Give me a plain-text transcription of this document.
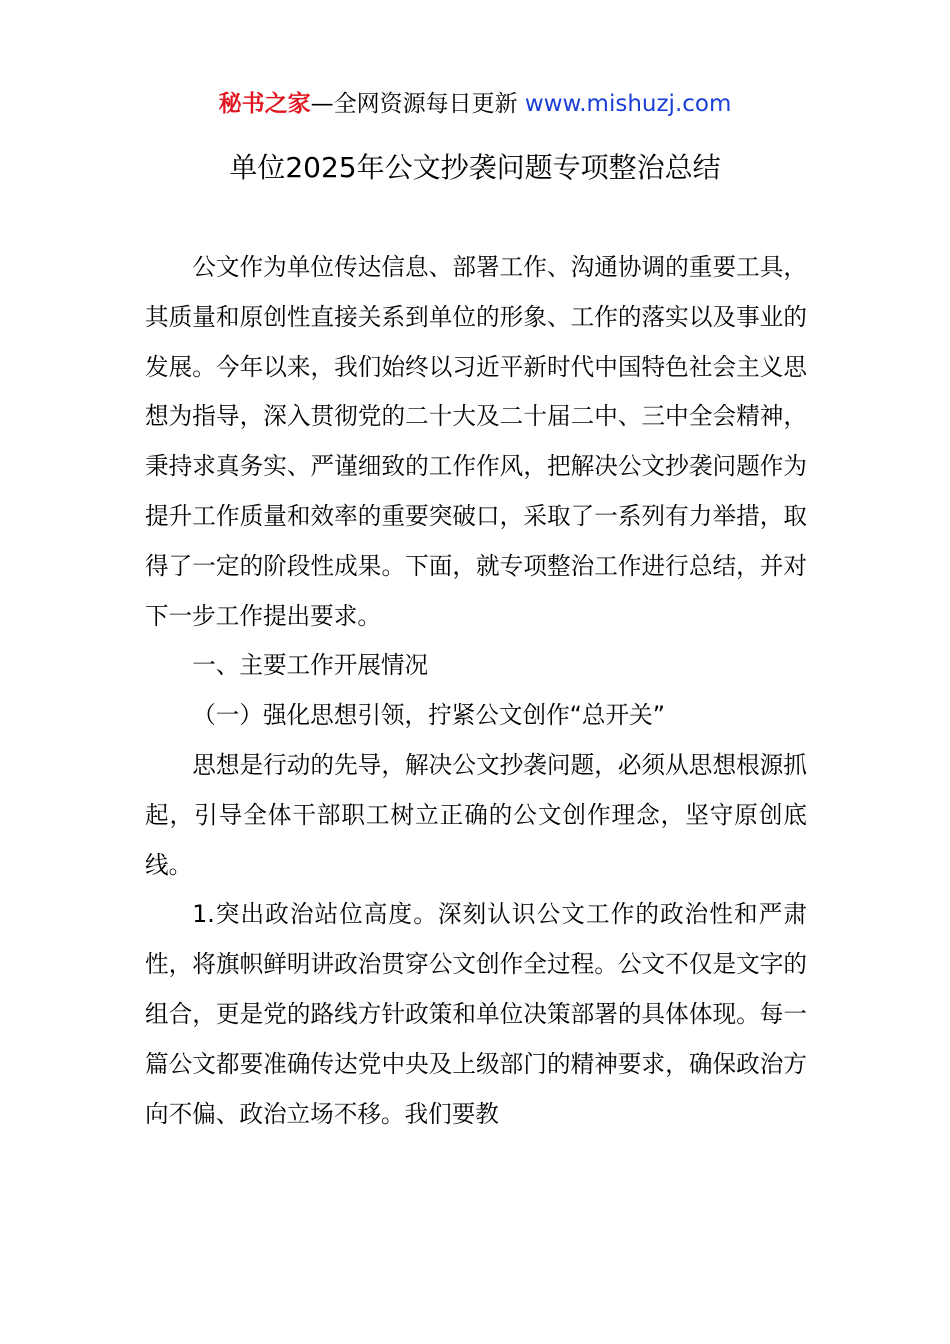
秘书之家—全网资源每日更新 www.mishuzj.com
单位2025年公文抄袭问题专项整治总结

公文作为单位传达信息、部署工作、沟通协调的重要工具，其质量和原创性直接关系到单位的形象、工作的落实以及事业的发展。今年以来，我们始终以习近平新时代中国特色社会主义思想为指导，深入贯彻党的二十大及二十届二中、三中全会精神，秉持求真务实、严谨细致的工作作风，把解决公文抄袭问题作为提升工作质量和效率的重要突破口，采取了一系列有力举措，取得了一定的阶段性成果。下面，就专项整治工作进行总结，并对下一步工作提出要求。

一、主要工作开展情况

（一）强化思想引领，拧紧公文创作“总开关”

思想是行动的先导，解决公文抄袭问题，必须从思想根源抓起，引导全体干部职工树立正确的公文创作理念，坚守原创底线。

1.突出政治站位高度。深刻认识公文工作的政治性和严肃性，将旗帜鲜明讲政治贯穿公文创作全过程。公文不仅是文字的组合，更是党的路线方针政策和单位决策部署的具体体现。每一篇公文都要准确传达党中央及上级部门的精神要求，确保政治方向不偏、政治立场不移。我们要教
